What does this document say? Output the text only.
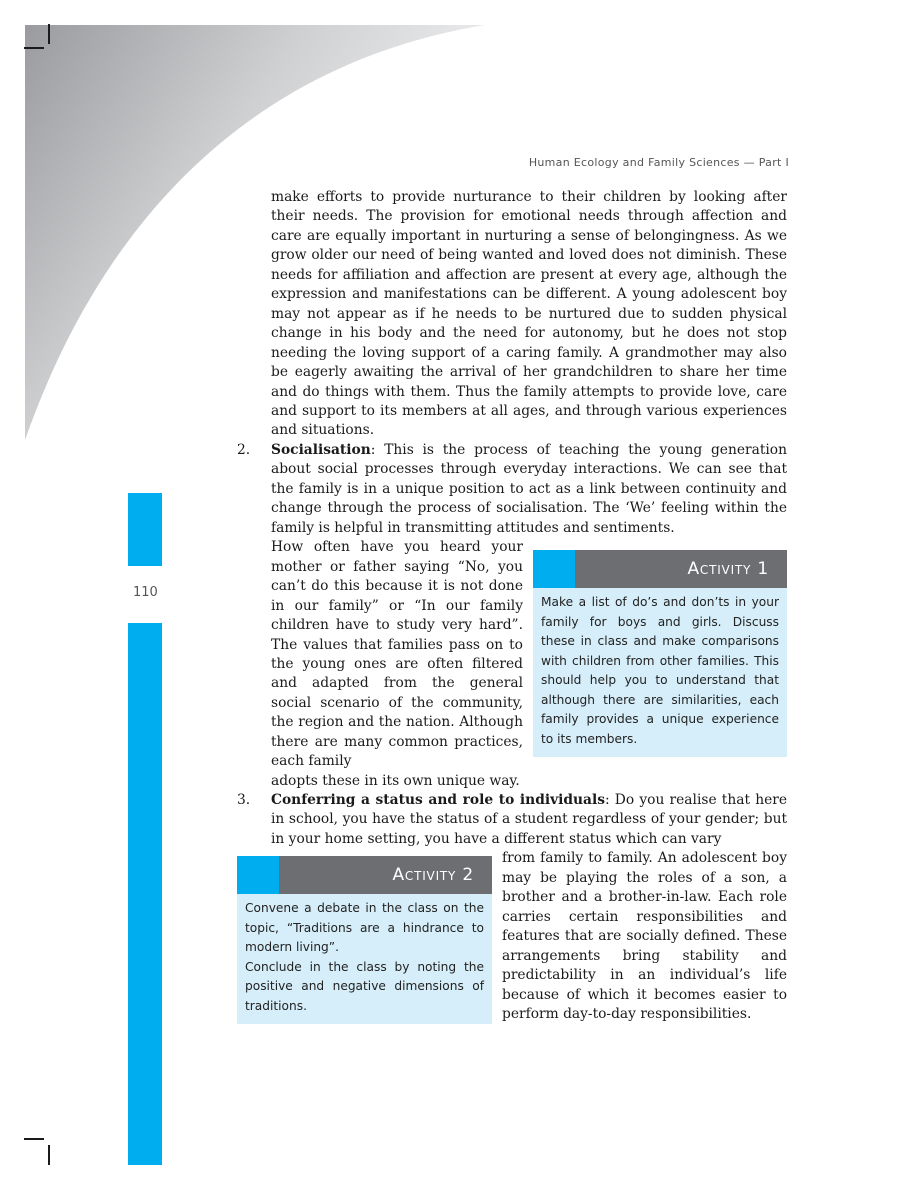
110
Human Ecology and Family Sciences — Part I

make efforts to provide nurturance to their children by looking after their needs. The provision for emotional needs through affection and care are equally important in nurturing a sense of belongingness. As we grow older our need of being wanted and loved does not diminish. These needs for affiliation and affection are present at every age, although the expression and manifestations can be different. A young adolescent boy may not appear as if he needs to be nurtured due to sudden physical change in his body and the need for autonomy, but he does not stop needing the loving support of a caring family. A grandmother may also be eagerly awaiting the arrival of her grandchildren to share her time and do things with them. Thus the family attempts to provide love, care and support to its members at all ages, and through various experiences and situations.

2. Socialisation: This is the process of teaching the young generation about social processes through everyday interactions. We can see that the family is in a unique position to act as a link between continuity and change through the process of socialisation. The ‘We’ feeling within the family is helpful in transmitting attitudes and sentiments.

How often have you heard your mother or father saying “No, you can’t do this because it is not done in our family” or “In our family children have to study very hard”. The values that families pass on to the young ones are often filtered and adapted from the general social scenario of the community, the region and the nation. Although there are many common practices, each family

adopts these in its own unique way.

Activity 1

Make a list of do’s and don’ts in your family for boys and girls. Discuss these in class and make comparisons with children from other families. This should help you to understand that although there are similarities, each family provides a unique experience to its members.

3. Conferring a status and role to individuals: Do you realise that here in school, you have the status of a student regardless of your gender; but in your home setting, you have a different status which can vary

from family to family. An adolescent boy may be playing the roles of a son, a brother and a brother-in-law. Each role carries certain responsibilities and features that are socially defined. These arrangements bring stability and predictability in an individual’s life because of which it becomes easier to perform day-to-day responsibilities.

Activity 2

Convene a debate in the class on the topic, “Traditions are a hindrance to modern living”.

Conclude in the class by noting the positive and negative dimensions of traditions.
